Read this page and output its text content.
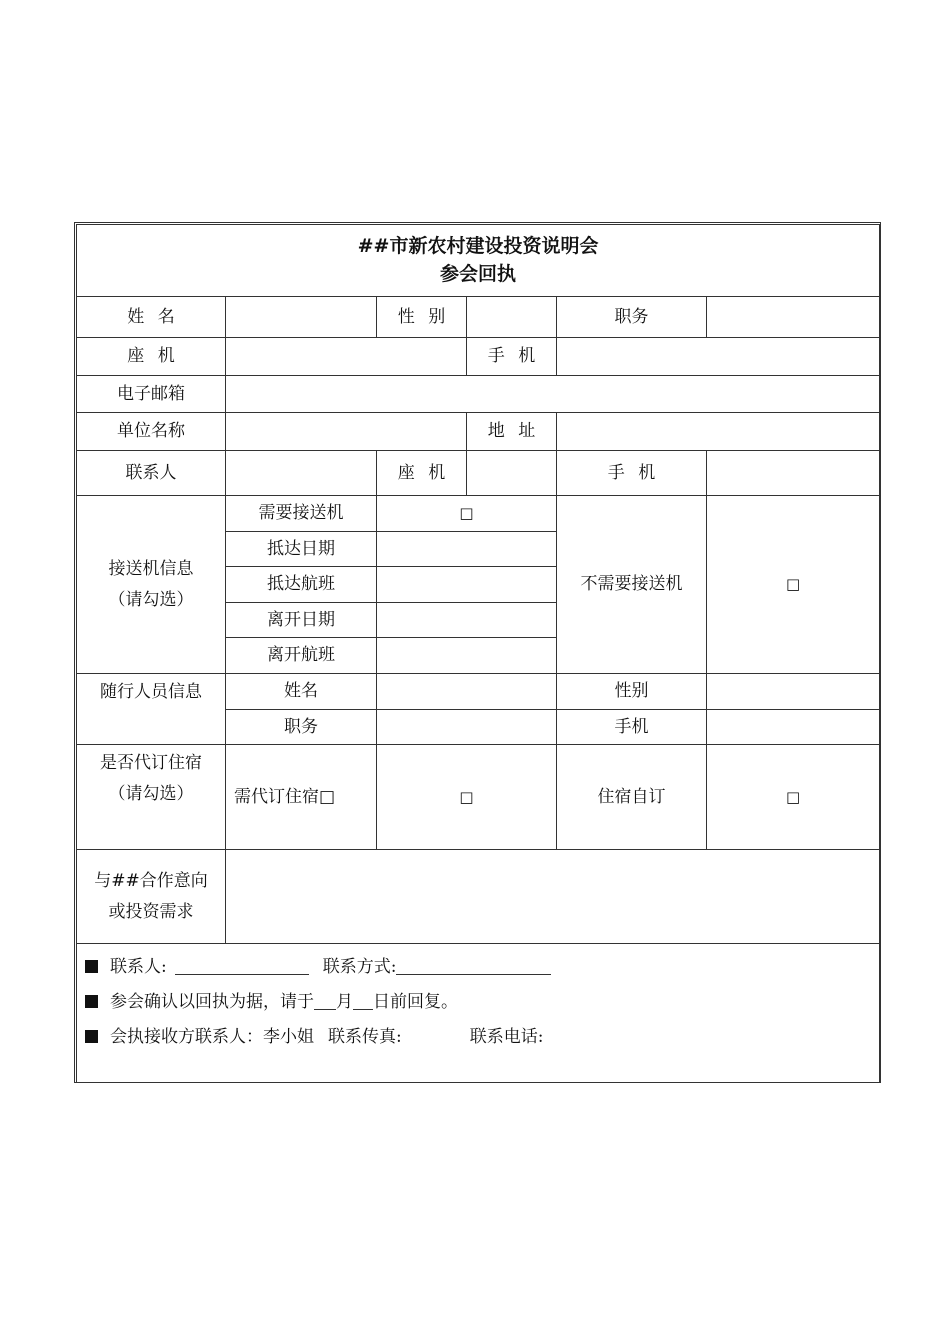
##市新农村建设投资说明会
参会回执					

姓名		性别		职务	
座机			手机		
电子邮箱					
单位名称			地址		
联系人		座机		手机	

接送机信息
（请勾选）	需要接送机	□		不需要接送机	□
	抵达日期				
	抵达航班				
	离开日期				
	离开航班				
随行人员信息	姓名			性别	
	职务			手机	

是否代订住宿
（请勾选）	需代订住宿□	□		住宿自订	□

与##合作意向
或投资需求					

联系人: 联系方式:
参会确认以回执为据，请于 月 日前回复。
会执接收方联系人：李小姐 联系传真: 联系电话:					
